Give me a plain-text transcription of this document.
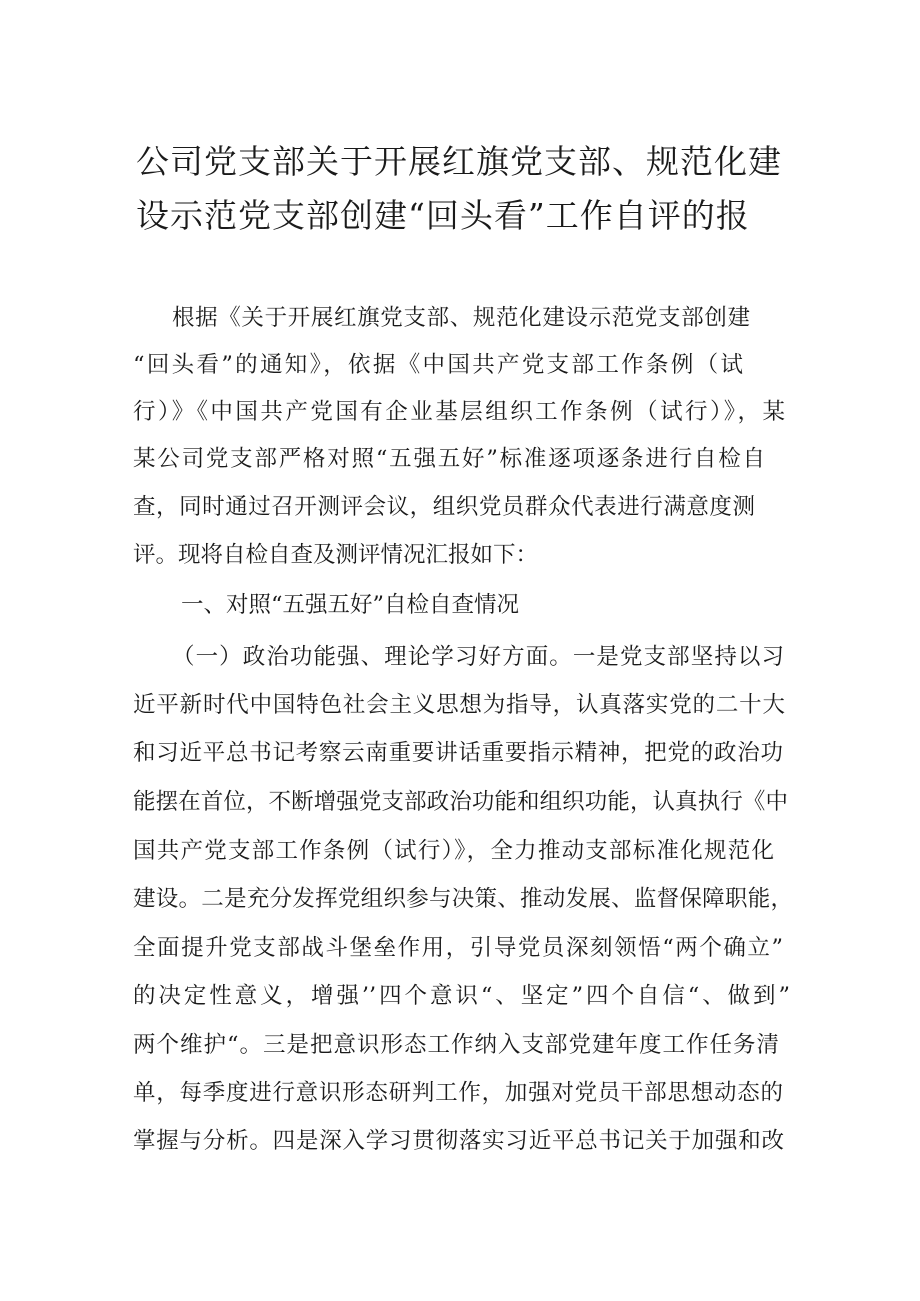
公司党支部关于开展红旗党支部、规范化建
设示范党支部创建“回头看”工作自评的报
根据《关于开展红旗党支部、规范化建设示范党支部创建
“回头看”的通知》，依据《中国共产党支部工作条例（试
行）》《中国共产党国有企业基层组织工作条例（试行）》，某
某公司党支部严格对照“五强五好”标准逐项逐条进行自检自
查，同时通过召开测评会议，组织党员群众代表进行满意度测
评。现将自检自查及测评情况汇报如下：
一、对照“五强五好”自检自查情况
（一）政治功能强、理论学习好方面。一是党支部坚持以习
近平新时代中国特色社会主义思想为指导，认真落实党的二十大
和习近平总书记考察云南重要讲话重要指示精神，把党的政治功
能摆在首位，不断增强党支部政治功能和组织功能，认真执行《中
国共产党支部工作条例（试行）》，全力推动支部标准化规范化
建设。二是充分发挥党组织参与决策、推动发展、监督保障职能，
全面提升党支部战斗堡垒作用，引导党员深刻领悟“两个确立”
的决定性意义，增强’’四个意识“、坚定”四个自信“、做到”
两个维护“。三是把意识形态工作纳入支部党建年度工作任务清
单，每季度进行意识形态研判工作，加强对党员干部思想动态的
掌握与分析。四是深入学习贯彻落实习近平总书记关于加强和改
